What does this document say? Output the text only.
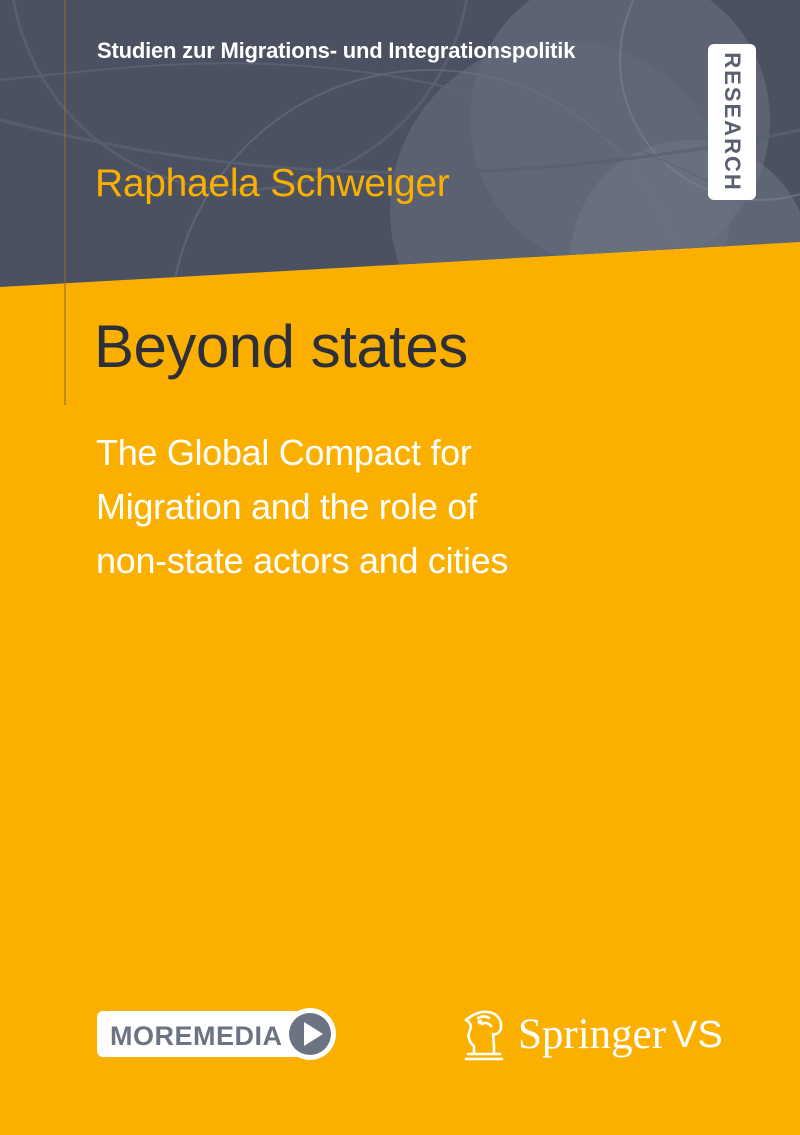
Studien zur Migrations- und Integrationspolitik
Raphaela Schweiger	RESEARCH
Beyond states
The Global Compact for
Migration and the role of
non-state actors and cities
MOREMEDIA	Springer VS
